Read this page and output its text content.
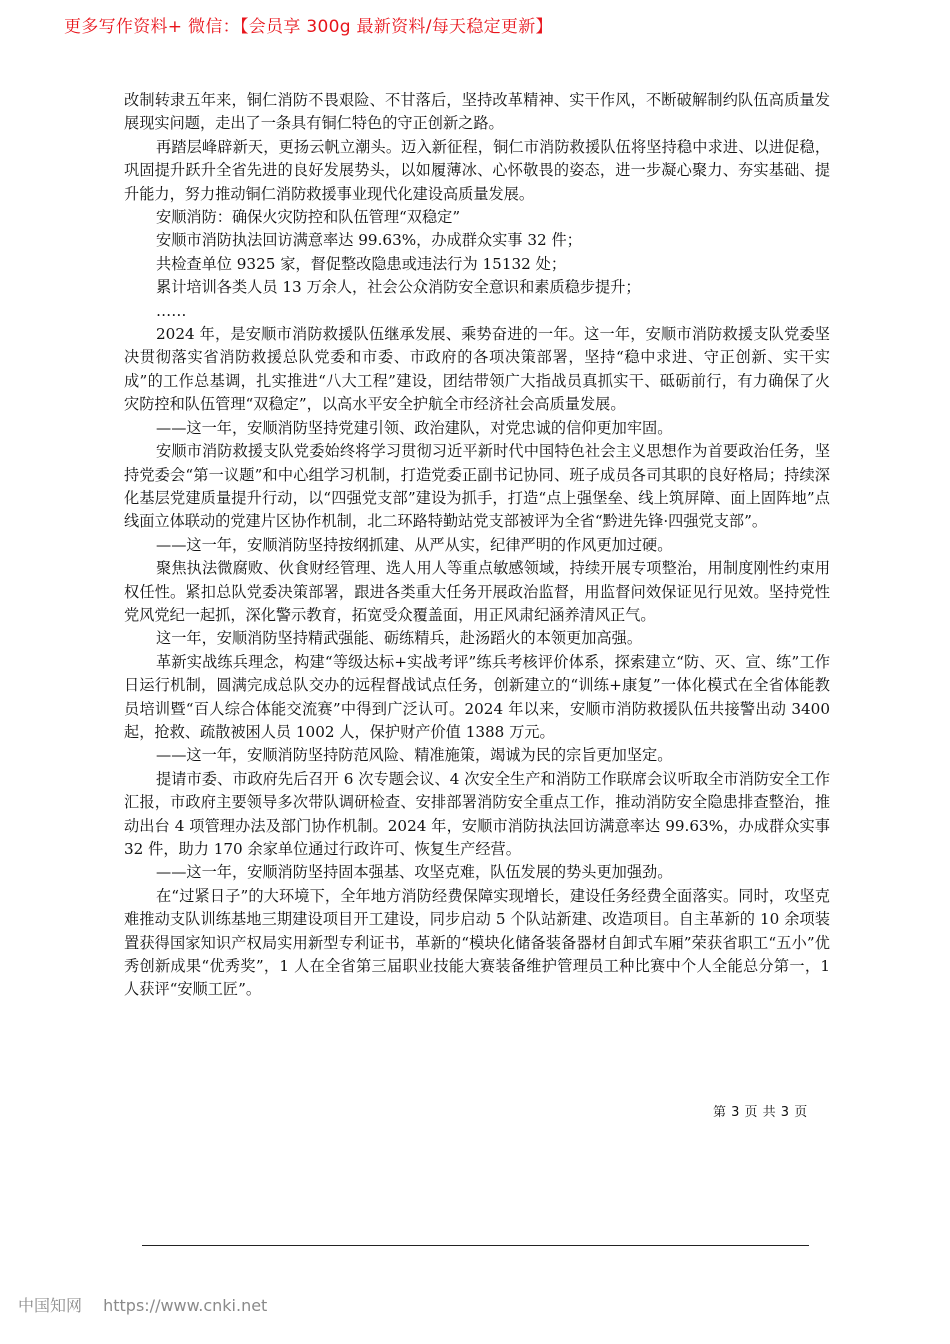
更多写作资料+ 微信：【会员享 300g 最新资料/每天稳定更新】

改制转隶五年来，铜仁消防不畏艰险、不甘落后，坚持改革精神、实干作风，不断破解制约队伍高质量发展现实问题，走出了一条具有铜仁特色的守正创新之路。

再踏层峰辟新天，更扬云帆立潮头。迈入新征程，铜仁市消防救援队伍将坚持稳中求进、以进促稳，巩固提升跃升全省先进的良好发展势头，以如履薄冰、心怀敬畏的姿态，进一步凝心聚力、夯实基础、提升能力，努力推动铜仁消防救援事业现代化建设高质量发展。

安顺消防：确保火灾防控和队伍管理“双稳定”

安顺市消防执法回访满意率达 99.63%，办成群众实事 32 件；

共检查单位 9325 家，督促整改隐患或违法行为 15132 处；

累计培训各类人员 13 万余人，社会公众消防安全意识和素质稳步提升；

……

2024 年，是安顺市消防救援队伍继承发展、乘势奋进的一年。这一年，安顺市消防救援支队党委坚决贯彻落实省消防救援总队党委和市委、市政府的各项决策部署，坚持“稳中求进、守正创新、实干实成”的工作总基调，扎实推进“八大工程”建设，团结带领广大指战员真抓实干、砥砺前行，有力确保了火灾防控和队伍管理“双稳定”，以高水平安全护航全市经济社会高质量发展。

——这一年，安顺消防坚持党建引领、政治建队，对党忠诚的信仰更加牢固。

安顺市消防救援支队党委始终将学习贯彻习近平新时代中国特色社会主义思想作为首要政治任务，坚持党委会“第一议题”和中心组学习机制，打造党委正副书记协同、班子成员各司其职的良好格局；持续深化基层党建质量提升行动，以“四强党支部”建设为抓手，打造“点上强堡垒、线上筑屏障、面上固阵地”点线面立体联动的党建片区协作机制，北二环路特勤站党支部被评为全省“黔进先锋·四强党支部”。

——这一年，安顺消防坚持按纲抓建、从严从实，纪律严明的作风更加过硬。

聚焦执法微腐败、伙食财经管理、选人用人等重点敏感领域，持续开展专项整治，用制度刚性约束用权任性。紧扣总队党委决策部署，跟进各类重大任务开展政治监督，用监督问效保证见行见效。坚持党性党风党纪一起抓，深化警示教育，拓宽受众覆盖面，用正风肃纪涵养清风正气。

这一年，安顺消防坚持精武强能、砺练精兵，赴汤蹈火的本领更加高强。

革新实战练兵理念，构建“等级达标+实战考评”练兵考核评价体系，探索建立“防、灭、宣、练”工作日运行机制，圆满完成总队交办的远程督战试点任务，创新建立的“训练+康复”一体化模式在全省体能教员培训暨“百人综合体能交流赛”中得到广泛认可。2024 年以来，安顺市消防救援队伍共接警出动 3400 起，抢救、疏散被困人员 1002 人，保护财产价值 1388 万元。

——这一年，安顺消防坚持防范风险、精准施策，竭诚为民的宗旨更加坚定。

提请市委、市政府先后召开 6 次专题会议、4 次安全生产和消防工作联席会议听取全市消防安全工作汇报，市政府主要领导多次带队调研检查、安排部署消防安全重点工作，推动消防安全隐患排查整治，推动出台 4 项管理办法及部门协作机制。2024 年，安顺市消防执法回访满意率达 99.63%，办成群众实事 32 件，助力 170 余家单位通过行政许可、恢复生产经营。

——这一年，安顺消防坚持固本强基、攻坚克难，队伍发展的势头更加强劲。

在“过紧日子”的大环境下，全年地方消防经费保障实现增长，建设任务经费全面落实。同时，攻坚克难推动支队训练基地三期建设项目开工建设，同步启动 5 个队站新建、改造项目。自主革新的 10 余项装置获得国家知识产权局实用新型专利证书，革新的“模块化储备装备器材自卸式车厢”荣获省职工“五小”优秀创新成果“优秀奖”，1 人在全省第三届职业技能大赛装备维护管理员工种比赛中个人全能总分第一，1 人获评“安顺工匠”。

第 3 页 共 3 页
中国知网 https://www.cnki.net
